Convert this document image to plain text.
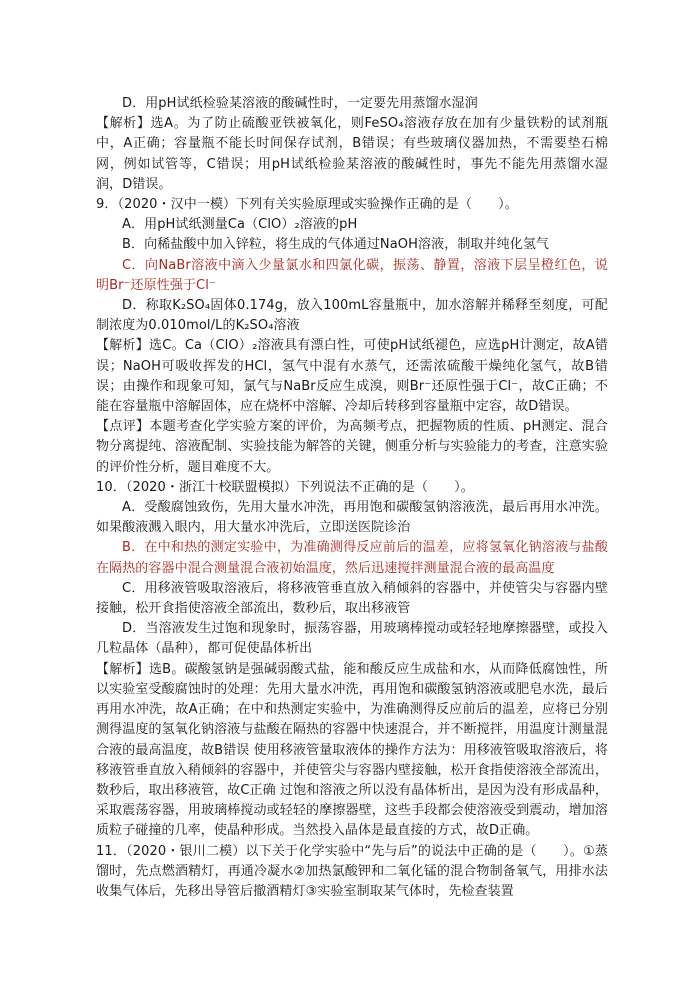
D．用pH试纸检验某溶液的酸碱性时，一定要先用蒸馏水湿润

【解析】选A。为了防止硫酸亚铁被氧化，则FeSO₄溶液存放在加有少量铁粉的试剂瓶中，A正确；容量瓶不能长时间保存试剂，B错误；有些玻璃仪器加热，不需要垫石棉网，例如试管等，C错误；用pH试纸检验某溶液的酸碱性时，事先不能先用蒸馏水湿润，D错误。

9．（2020・汉中一模）下列有关实验原理或实验操作正确的是（　　）。

A．用pH试纸测量Ca（ClO）₂溶液的pH

B．向稀盐酸中加入锌粒，将生成的气体通过NaOH溶液，制取并纯化氢气

C．向NaBr溶液中滴入少量氯水和四氯化碳，振荡、静置，溶液下层呈橙红色，说明Br⁻还原性强于Cl⁻

D．称取K₂SO₄固体0.174g，放入100mL容量瓶中，加水溶解并稀释至刻度，可配制浓度为0.010mol/L的K₂SO₄溶液

【解析】选C。Ca（ClO）₂溶液具有漂白性，可使pH试纸褪色，应选pH计测定，故A错误；NaOH可吸收挥发的HCl，氢气中混有水蒸气，还需浓硫酸干燥纯化氢气，故B错误；由操作和现象可知，氯气与NaBr反应生成溴，则Br⁻还原性强于Cl⁻，故C正确；不能在容量瓶中溶解固体，应在烧杯中溶解、冷却后转移到容量瓶中定容，故D错误。

【点评】本题考查化学实验方案的评价，为高频考点，把握物质的性质、pH测定、混合物分离提纯、溶液配制、实验技能为解答的关键，侧重分析与实验能力的考查，注意实验的评价性分析，题目难度不大。

10．（2020・浙江十校联盟模拟）下列说法不正确的是（　　）。

A．受酸腐蚀致伤，先用大量水冲洗，再用饱和碳酸氢钠溶液洗，最后再用水冲洗。如果酸液溅入眼内，用大量水冲洗后，立即送医院诊治

B．在中和热的测定实验中，为准确测得反应前后的温差，应将氢氧化钠溶液与盐酸在隔热的容器中混合测量混合液初始温度，然后迅速搅拌测量混合液的最高温度

C．用移液管吸取溶液后，将移液管垂直放入稍倾斜的容器中，并使管尖与容器内壁接触，松开食指使溶液全部流出，数秒后，取出移液管

D．当溶液发生过饱和现象时，振荡容器，用玻璃棒搅动或轻轻地摩擦器壁，或投入几粒晶体（晶种），都可促使晶体析出

【解析】选B。碳酸氢钠是强碱弱酸式盐，能和酸反应生成盐和水，从而降低腐蚀性，所以实验室受酸腐蚀时的处理：先用大量水冲洗，再用饱和碳酸氢钠溶液或肥皂水洗，最后再用水冲洗，故A正确；在中和热测定实验中，为准确测得反应前后的温差，应将已分别测得温度的氢氧化钠溶液与盐酸在隔热的容器中快速混合，并不断搅拌，用温度计测量混合液的最高温度，故B错误 使用移液管量取液体的操作方法为：用移液管吸取溶液后，将移液管垂直放入稍倾斜的容器中，并使管尖与容器内壁接触，松开食指使溶液全部流出，数秒后，取出移液管，故C正确 过饱和溶液之所以没有晶体析出，是因为没有形成晶种，采取震荡容器，用玻璃棒搅动或轻轻的摩擦器壁，这些手段都会使溶液受到震动，增加溶质粒子碰撞的几率，使晶种形成。当然投入晶体是最直接的方式，故D正确。

11．（2020・银川二模）以下关于化学实验中“先与后”的说法中正确的是（　　）。①蒸馏时，先点燃酒精灯，再通冷凝水②加热氯酸钾和二氧化锰的混合物制备氧气，用排水法收集气体后，先移出导管后撤酒精灯③实验室制取某气体时，先检查装置
